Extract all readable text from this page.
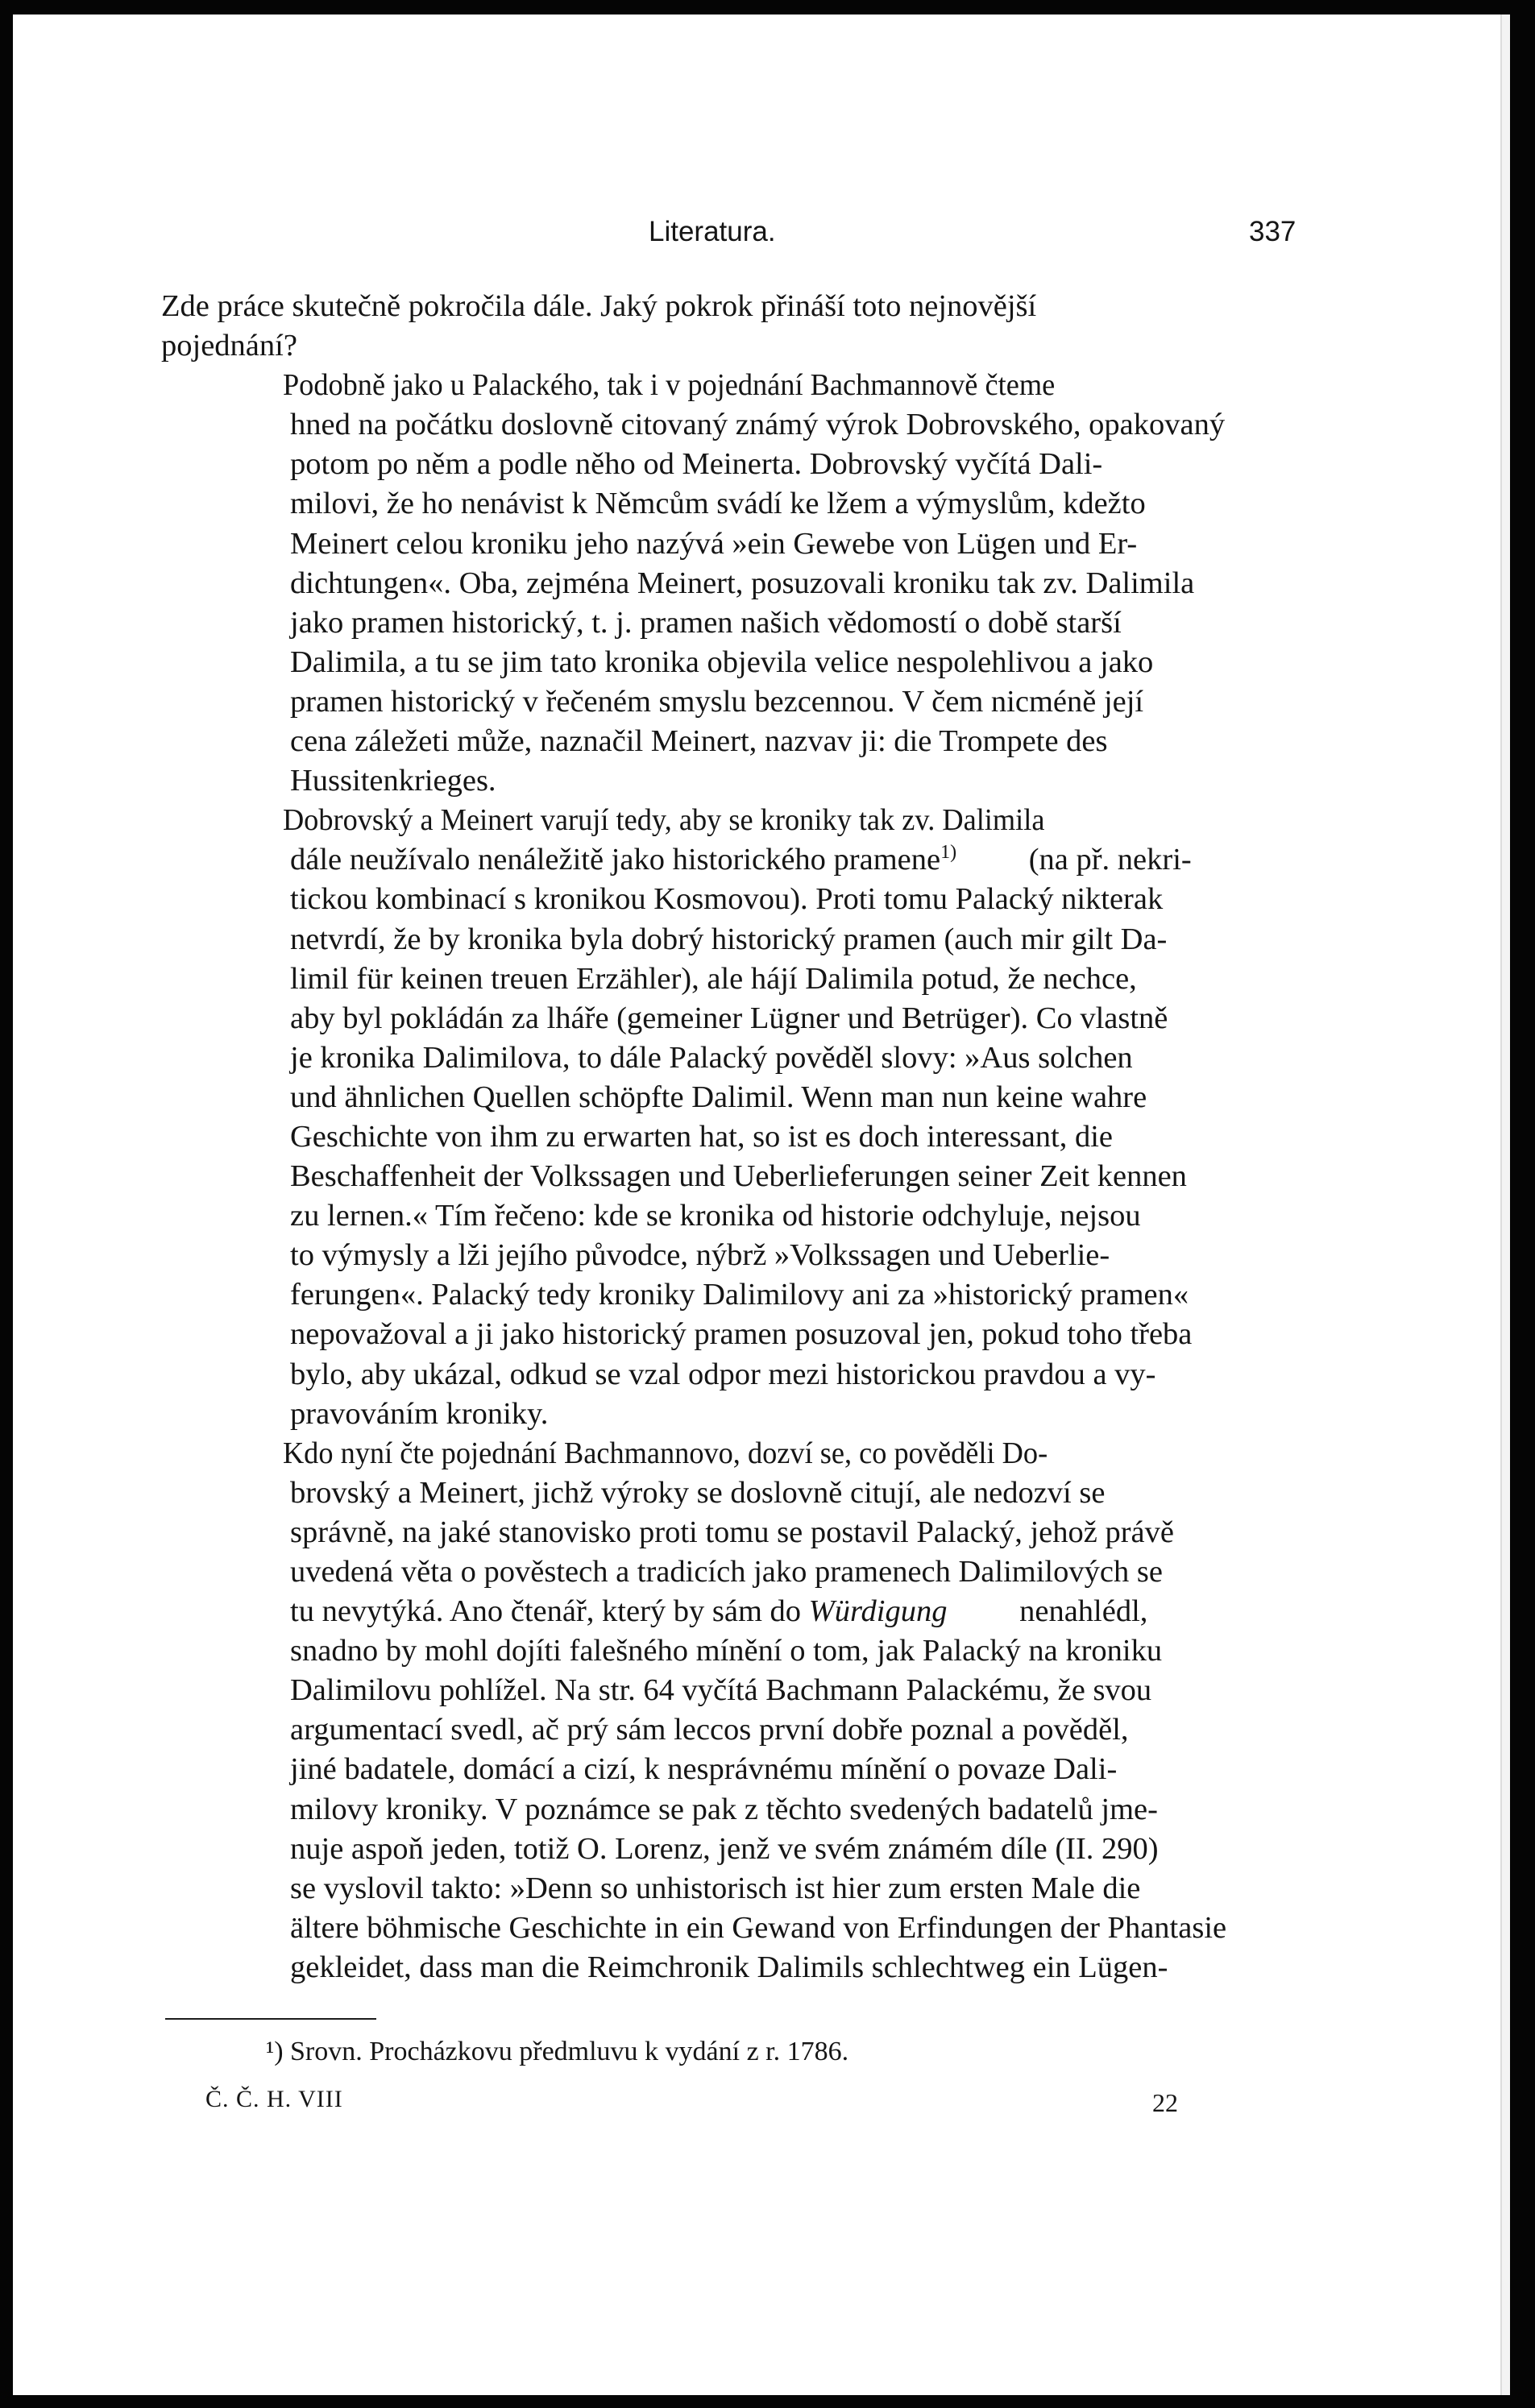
Literatura.	337

Zde práce skutečně pokročila dále. Jaký pokrok přináší toto nejnovější
pojednání?

Podobně jako u Palackého, tak i v pojednání Bachmannově čteme
hned na počátku doslovně citovaný známý výrok Dobrovského, opakovaný
potom po něm a podle něho od Meinerta. Dobrovský vyčítá Dali-
milovi, že ho nenávist k Němcům svádí ke lžem a výmyslům, kdežto
Meinert celou kroniku jeho nazývá »ein Gewebe von Lügen und Er-
dichtungen«. Oba, zejména Meinert, posuzovali kroniku tak zv. Dalimila
jako pramen historický, t. j. pramen našich vědomostí o době starší
Dalimila, a tu se jim tato kronika objevila velice nespolehlivou a jako
pramen historický v řečeném smyslu bezcennou. V čem nicméně její
cena záležeti může, naznačil Meinert, nazvav ji: die Trompete des
Hussitenkrieges.

Dobrovský a Meinert varují tedy, aby se kroniky tak zv. Dalimila
dále neužívalo nenáležitě jako historického pramene$^{1)}$ (na př. nekri-
tickou kombinací s kronikou Kosmovou). Proti tomu Palacký nikterak
netvrdí, že by kronika byla dobrý historický pramen (auch mir gilt Da-
limil für keinen treuen Erzähler), ale hájí Dalimila potud, že nechce,
aby byl pokládán za lháře (gemeiner Lügner und Betrüger). Co vlastně
je kronika Dalimilova, to dále Palacký pověděl slovy: »Aus solchen
und ähnlichen Quellen schöpfte Dalimil. Wenn man nun keine wahre
Geschichte von ihm zu erwarten hat, so ist es doch interessant, die
Beschaffenheit der Volkssagen und Ueberlieferungen seiner Zeit kennen
zu lernen.« Tím řečeno: kde se kronika od historie odchyluje, nejsou
to výmysly a lži jejího původce, nýbrž »Volkssagen und Ueberlie-
ferungen«. Palacký tedy kroniky Dalimilovy ani za »historický pramen«
nepovažoval a ji jako historický pramen posuzoval jen, pokud toho třeba
bylo, aby ukázal, odkud se vzal odpor mezi historickou pravdou a vy-
pravováním kroniky.

Kdo nyní čte pojednání Bachmannovo, dozví se, co pověděli Do-
brovský a Meinert, jichž výroky se doslovně citují, ale nedozví se
správně, na jaké stanovisko proti tomu se postavil Palacký, jehož právě
uvedená věta o pověstech a tradicích jako pramenech Dalimilových se
tu nevytýká. Ano čtenář, který by sám do Würdigung nenahlédl,
snadno by mohl dojíti falešného mínění o tom, jak Palacký na kroniku
Dalimilovu pohlížel. Na str. 64 vyčítá Bachmann Palackému, že svou
argumentací svedl, ač prý sám leccos první dobře poznal a pověděl,
jiné badatele, domácí a cizí, k nesprávnému mínění o povaze Dali-
milovy kroniky. V poznámce se pak z těchto svedených badatelů jme-
nuje aspoň jeden, totiž O. Lorenz, jenž ve svém známém díle (II. 290)
se vyslovil takto: »Denn so unhistorisch ist hier zum ersten Male die
ältere böhmische Geschichte in ein Gewand von Erfindungen der Phantasie
gekleidet, dass man die Reimchronik Dalimils schlechtweg ein Lügen-

¹) Srovn. Procházkovu předmluvu k vydání z r. 1786.
Č. Č. H. VIII	22
